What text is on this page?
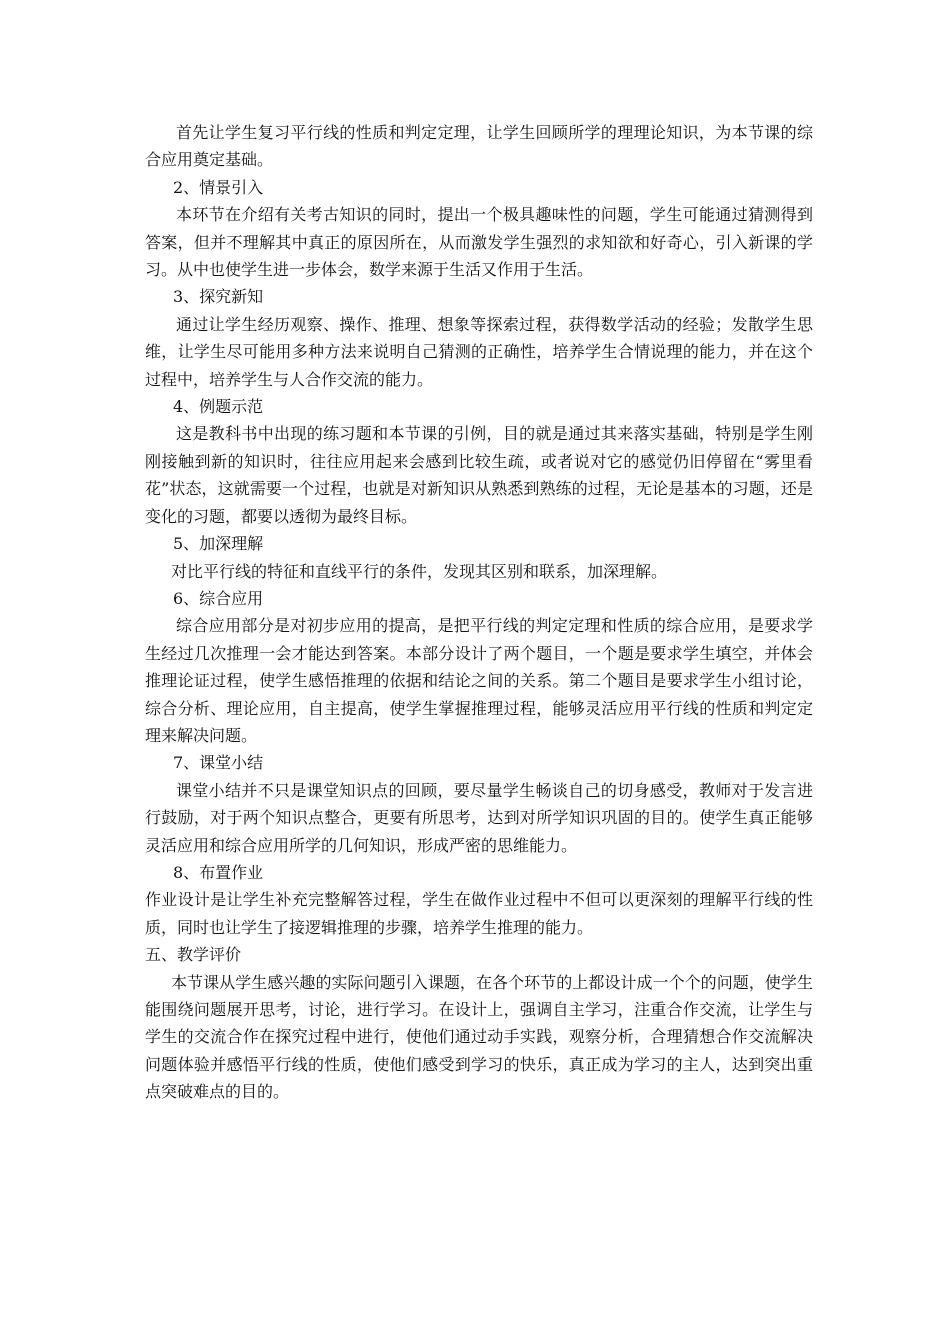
首先让学生复习平行线的性质和判定定理，让学生回顾所学的理理论知识，为本节课的综合应用奠定基础。

2、情景引入

本环节在介绍有关考古知识的同时，提出一个极具趣味性的问题，学生可能通过猜测得到答案，但并不理解其中真正的原因所在，从而激发学生强烈的求知欲和好奇心，引入新课的学习。从中也使学生进一步体会，数学来源于生活又作用于生活。

3、探究新知

通过让学生经历观察、操作、推理、想象等探索过程，获得数学活动的经验；发散学生思维，让学生尽可能用多种方法来说明自己猜测的正确性，培养学生合情说理的能力，并在这个过程中，培养学生与人合作交流的能力。

4、例题示范

这是教科书中出现的练习题和本节课的引例，目的就是通过其来落实基础，特别是学生刚刚接触到新的知识时，往往应用起来会感到比较生疏，或者说对它的感觉仍旧停留在“雾里看花”状态，这就需要一个过程，也就是对新知识从熟悉到熟练的过程，无论是基本的习题，还是变化的习题，都要以透彻为最终目标。

5、加深理解

对比平行线的特征和直线平行的条件，发现其区别和联系，加深理解。

6、综合应用

综合应用部分是对初步应用的提高，是把平行线的判定定理和性质的综合应用，是要求学生经过几次推理一会才能达到答案。本部分设计了两个题目，一个题是要求学生填空，并体会推理论证过程，使学生感悟推理的依据和结论之间的关系。第二个题目是要求学生小组讨论，综合分析、理论应用，自主提高，使学生掌握推理过程，能够灵活应用平行线的性质和判定定理来解决问题。

7、课堂小结

课堂小结并不只是课堂知识点的回顾，要尽量学生畅谈自己的切身感受，教师对于发言进行鼓励，对于两个知识点整合，更要有所思考，达到对所学知识巩固的目的。使学生真正能够灵活应用和综合应用所学的几何知识，形成严密的思维能力。

8、布置作业

作业设计是让学生补充完整解答过程，学生在做作业过程中不但可以更深刻的理解平行线的性质，同时也让学生了接逻辑推理的步骤，培养学生推理的能力。

五、教学评价

本节课从学生感兴趣的实际问题引入课题，在各个环节的上都设计成一个个的问题，使学生能围绕问题展开思考，讨论，进行学习。在设计上，强调自主学习，注重合作交流，让学生与学生的交流合作在探究过程中进行，使他们通过动手实践，观察分析，合理猜想合作交流解决问题体验并感悟平行线的性质，使他们感受到学习的快乐，真正成为学习的主人，达到突出重点突破难点的目的。
